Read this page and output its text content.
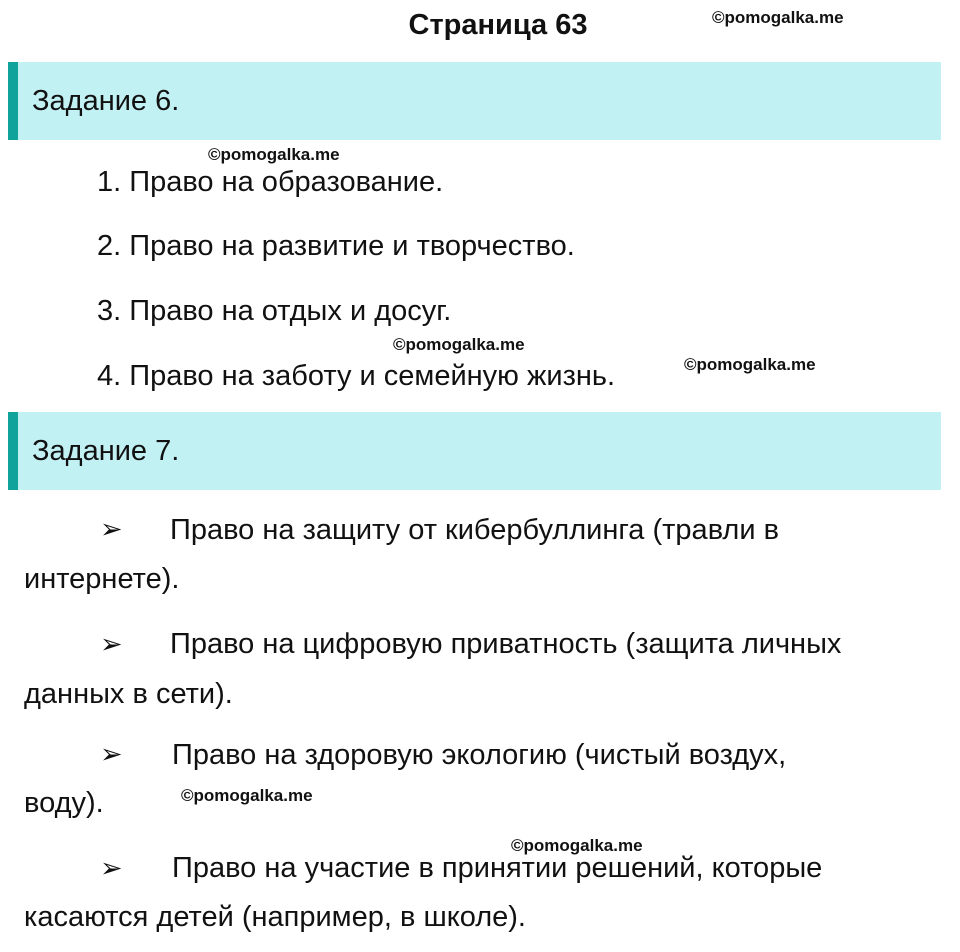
Страница 63	©pomogalka.me
Задание 6.
©pomogalka.me
1. Право на образование.
2. Право на развитие и творчество.
3. Право на отдых и досуг.
©pomogalka.me
4. Право на заботу и семейную жизнь.	©pomogalka.me
Задание 7.
➢ Право на защиту от кибербуллинга (травли в
интернете).
➢ Право на цифровую приватность (защита личных
данных в сети).
➢ Право на здоровую экологию (чистый воздух,
воду).	©pomogalka.me
©pomogalka.me
➢ Право на участие в принятии решений, которые
касаются детей (например, в школе).
